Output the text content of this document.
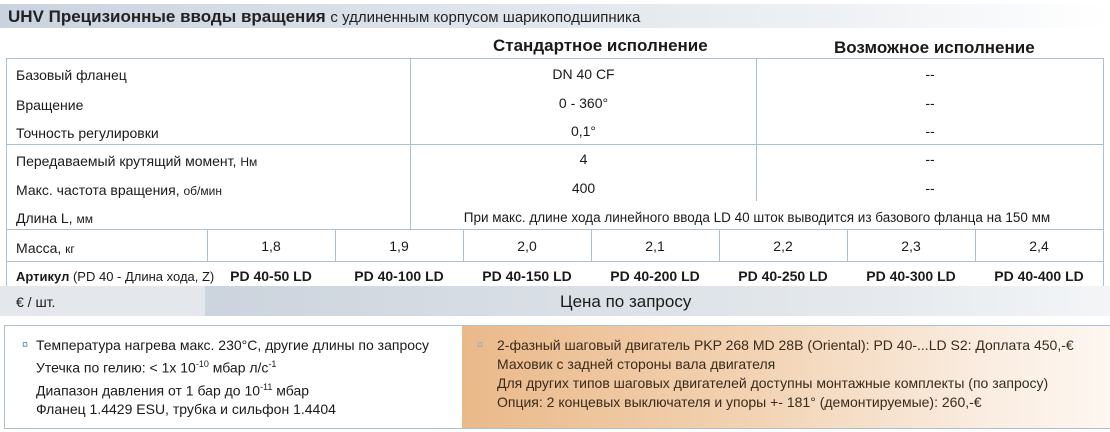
UHV Прецизионные вводы вращения с удлиненным корпусом шарикоподшипника
Стандартное исполнение	Возможное исполнение
Базовый фланец	DN 40 CF	--
Вращение	0 - 360°	--
Точность регулировки	0,1°	--
Передаваемый крутящий момент, Нм	4	--
Макс. частота вращения, об/мин	400	--
Длина L, мм	При макс. длине хода линейного ввода LD 40 шток выводится из базового фланца на 150 мм
Масса, кг	1,8	1,9	2,0	2,1	2,2	2,3	2,4
Артикул (PD 40 - Длина хода, Z)	PD 40-50 LD	PD 40-100 LD	PD 40-150 LD	PD 40-200 LD	PD 40-250 LD	PD 40-300 LD	PD 40-400 LD
€ / шт.	Цена по запросу
¤ Температура нагрева макс. 230°C, другие длины по запросу
Утечка по гелию: < 1x $10^{-10}$ мбар $л/с^{-1}$
Диапазон давления от 1 бар до $10^{-11}$ мбар
Фланец 1.4429 ESU, трубка и сильфон 1.4404
¤ 2-фазный шаговый двигатель PKP 268 MD 28B (Oriental): PD 40-...LD S2: Доплата 450,-€
Маховик с задней стороны вала двигателя
Для других типов шаговых двигателей доступны монтажные комплекты (по запросу)
Опция: 2 концевых выключателя и упоры +- 181° (демонтируемые): 260,-€
